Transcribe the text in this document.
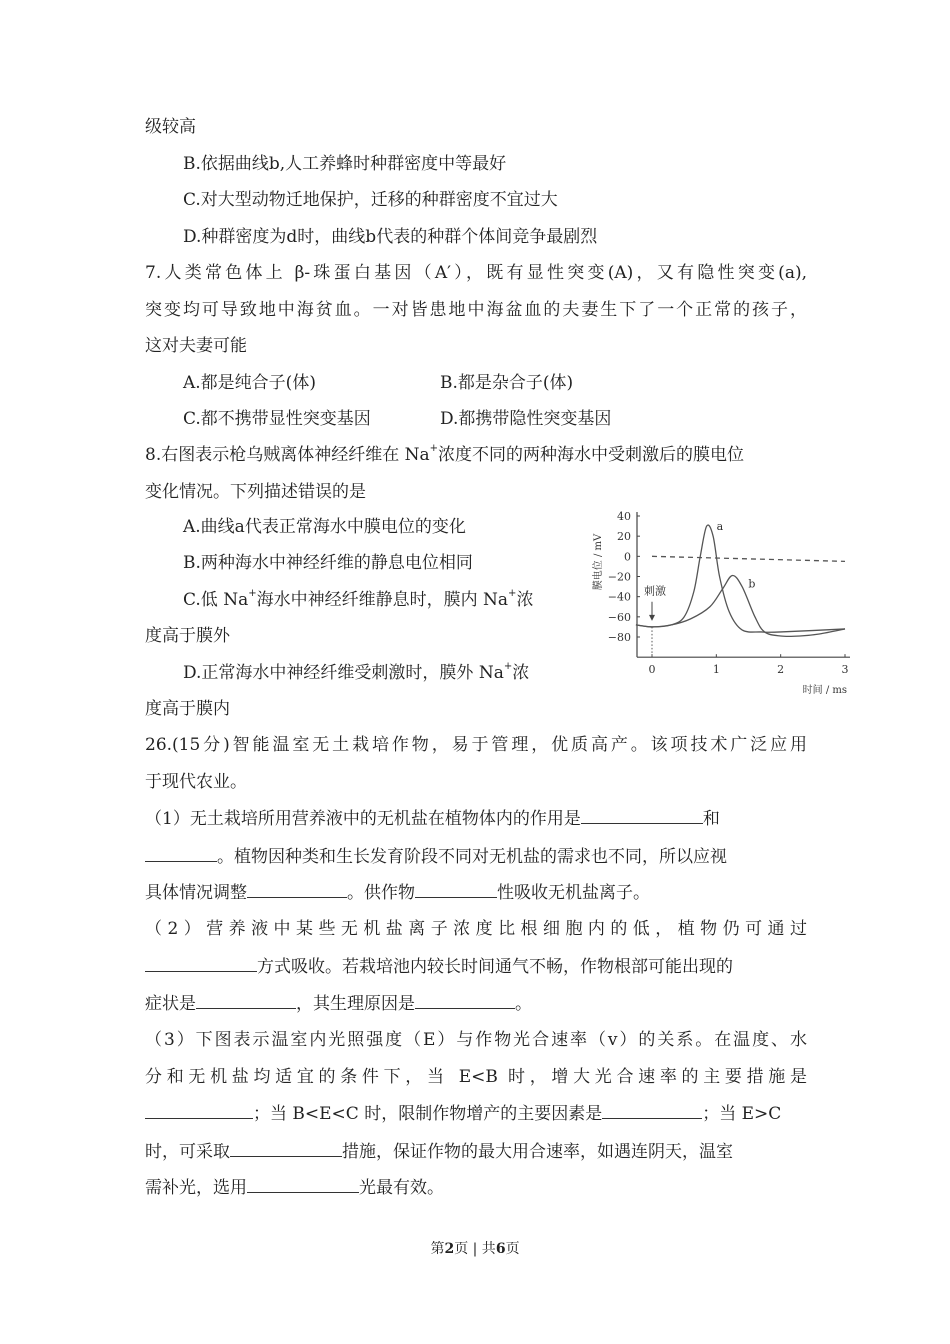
级较高
B.依据曲线b,人工养蜂时种群密度中等最好
C.对大型动物迁地保护，迁移的种群密度不宜过大
D.种群密度为d时，曲线b代表的种群个体间竞争最剧烈
7.人类常色体上 β-珠蛋白基因（A′），既有显性突变(A)，又有隐性突变(a),
突变均可导致地中海贫血。一对皆患地中海盆血的夫妻生下了一个正常的孩子，
这对夫妻可能
A.都是纯合子(体)	B.都是杂合子(体)
C.都不携带显性突变基因	D.都携带隐性突变基因
8.右图表示枪乌贼离体神经纤维在 Na+浓度不同的两种海水中受刺激后的膜电位
变化情况。下列描述错误的是
A.曲线a代表正常海水中膜电位的变化
B.两种海水中神经纤维的静息电位相同
C.低 Na+海水中神经纤维静息时，膜内 Na+浓
度高于膜外
D.正常海水中神经纤维受刺激时，膜外 Na+浓
度高于膜内
40
20
0
−20
−40
−60
−80
0	1	2	3
时间 / ms
膜电位 / mV
a
b
刺激
26.(15分)智能温室无土栽培作物，易于管理，优质高产。该项技术广泛应用
于现代农业。
（1）无土栽培所用营养液中的无机盐在植物体内的作用是	和
。植物因种类和生长发育阶段不同对无机盐的需求也不同，所以应视
具体情况调整	。供作物	性吸收无机盐离子。
（2）营养液中某些无机盐离子浓度比根细胞内的低，植物仍可通过
方式吸收。若栽培池内较长时间通气不畅，作物根部可能出现的
症状是	，其生理原因是	。
（3）下图表示温室内光照强度（E）与作物光合速率（v）的关系。在温度、水
分和无机盐均适宜的条件下，当 E<B 时，增大光合速率的主要措施是
；当 B<E<C 时，限制作物增产的主要因素是	；当 E>C
时，可采取	措施，保证作物的最大用合速率，如遇连阴天，温室
需补光，选用	光最有效。
第2页 | 共6页
